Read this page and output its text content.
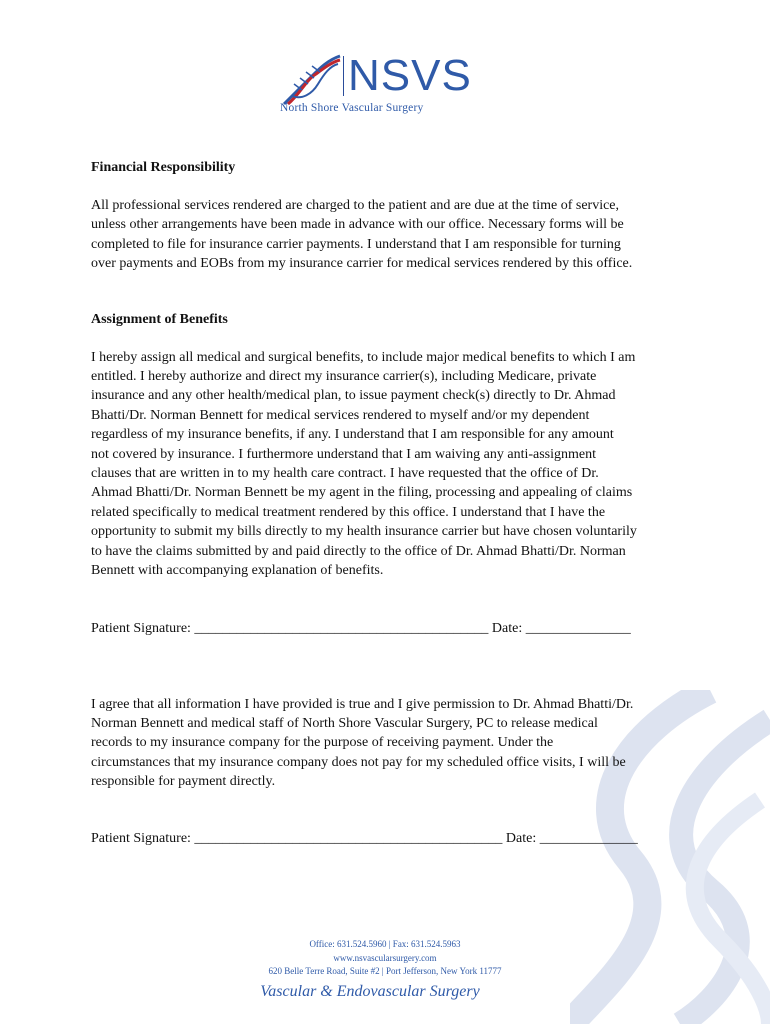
NSVS
North Shore Vascular Surgery
Financial Responsibility

All professional services rendered are charged to the patient and are due at the time of service,
unless other arrangements have been made in advance with our office. Necessary forms will be
completed to file for insurance carrier payments. I understand that I am responsible for turning
over payments and EOBs from my insurance carrier for medical services rendered by this office.

Assignment of Benefits

I hereby assign all medical and surgical benefits, to include major medical benefits to which I am
entitled. I hereby authorize and direct my insurance carrier(s), including Medicare, private
insurance and any other health/medical plan, to issue payment check(s) directly to Dr. Ahmad
Bhatti/Dr. Norman Bennett for medical services rendered to myself and/or my dependent
regardless of my insurance benefits, if any. I understand that I am responsible for any amount
not covered by insurance. I furthermore understand that I am waiving any anti-assignment
clauses that are written in to my health care contract. I have requested that the office of Dr.
Ahmad Bhatti/Dr. Norman Bennett be my agent in the filing, processing and appealing of claims
related specifically to medical treatment rendered by this office. I understand that I have the
opportunity to submit my bills directly to my health insurance carrier but have chosen voluntarily
to have the claims submitted by and paid directly to the office of Dr. Ahmad Bhatti/Dr. Norman
Bennett with accompanying explanation of benefits.

Patient Signature: __________________________________________ Date: _______________

I agree that all information I have provided is true and I give permission to Dr. Ahmad Bhatti/Dr.
Norman Bennett and medical staff of North Shore Vascular Surgery, PC to release medical
records to my insurance company for the purpose of receiving payment. Under the
circumstances that my insurance company does not pay for my scheduled office visits, I will be
responsible for payment directly.

Patient Signature: ____________________________________________ Date: ______________
Office: 631.524.5960 | Fax: 631.524.5963
www.nsvascularsurgery.com
620 Belle Terre Road, Suite #2 | Port Jefferson, New York 11777
Vascular & Endovascular Surgery
